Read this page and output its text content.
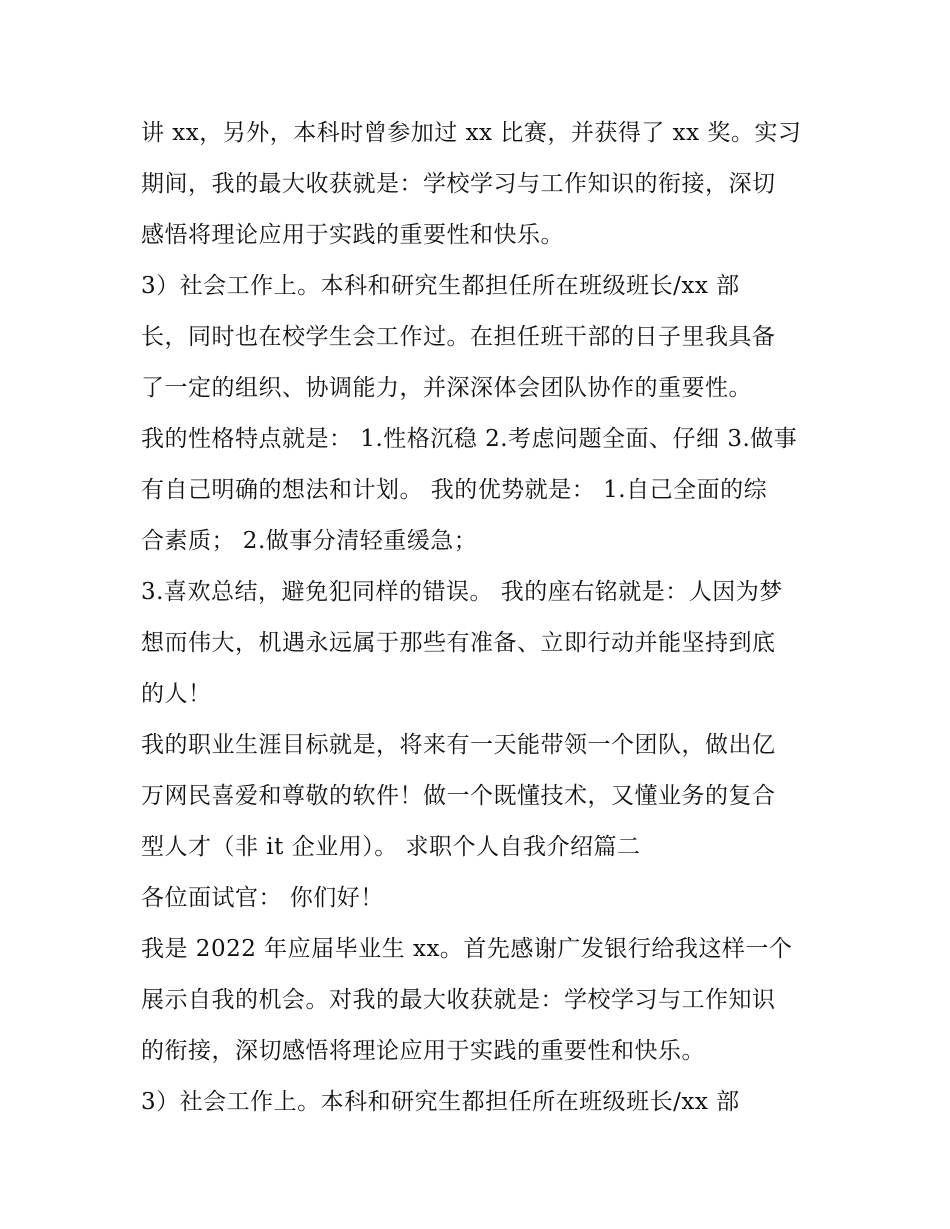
讲 xx，另外，本科时曾参加过 xx 比赛，并获得了 xx 奖。实习
期间，我的最大收获就是：学校学习与工作知识的衔接，深切
感悟将理论应用于实践的重要性和快乐。
3）社会工作上。本科和研究生都担任所在班级班长/xx 部
长，同时也在校学生会工作过。在担任班干部的日子里我具备
了一定的组织、协调能力，并深深体会团队协作的重要性。
我的性格特点就是： 1.性格沉稳 2.考虑问题全面、仔细 3.做事
有自己明确的想法和计划。 我的优势就是： 1.自己全面的综
合素质； 2.做事分清轻重缓急；
3.喜欢总结，避免犯同样的错误。 我的座右铭就是：人因为梦
想而伟大，机遇永远属于那些有准备、立即行动并能坚持到底
的人！
我的职业生涯目标就是，将来有一天能带领一个团队，做出亿
万网民喜爱和尊敬的软件！做一个既懂技术，又懂业务的复合
型人才（非 it 企业用）。 求职个人自我介绍篇二
各位面试官： 你们好！
我是 2022 年应届毕业生 xx。首先感谢广发银行给我这样一个
展示自我的机会。对我的最大收获就是：学校学习与工作知识
的衔接，深切感悟将理论应用于实践的重要性和快乐。
3）社会工作上。本科和研究生都担任所在班级班长/xx 部
